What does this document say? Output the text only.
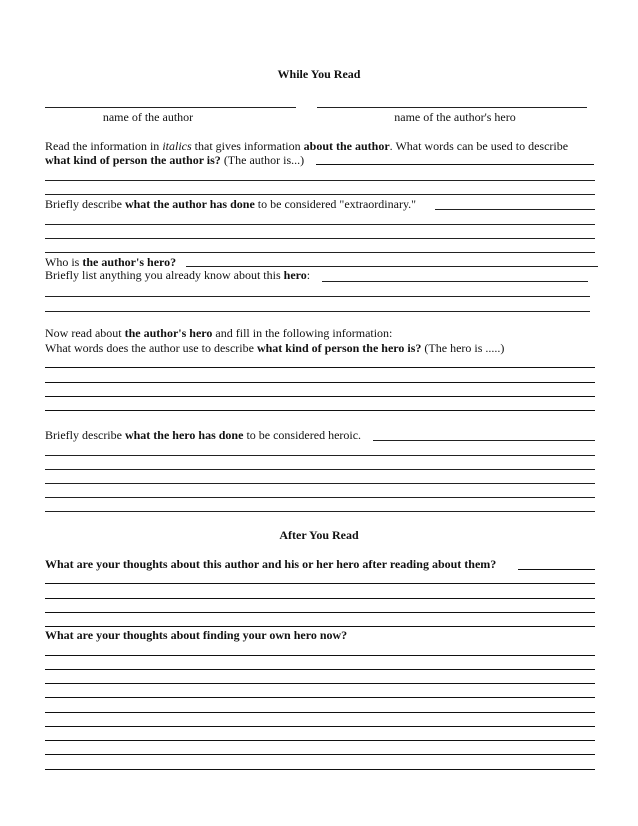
While You Read
name of the author	name of the author's hero
Read the information in italics that gives information about the author. What words can be used to describe
what kind of person the author is? (The author is...)
Briefly describe what the author has done to be considered "extraordinary."
Who is the author's hero?
Briefly list anything you already know about this hero:
Now read about the author's hero and fill in the following information:
What words does the author use to describe what kind of person the hero is? (The hero is .....)
Briefly describe what the hero has done to be considered heroic.
After You Read
What are your thoughts about this author and his or her hero after reading about them?
What are your thoughts about finding your own hero now?
